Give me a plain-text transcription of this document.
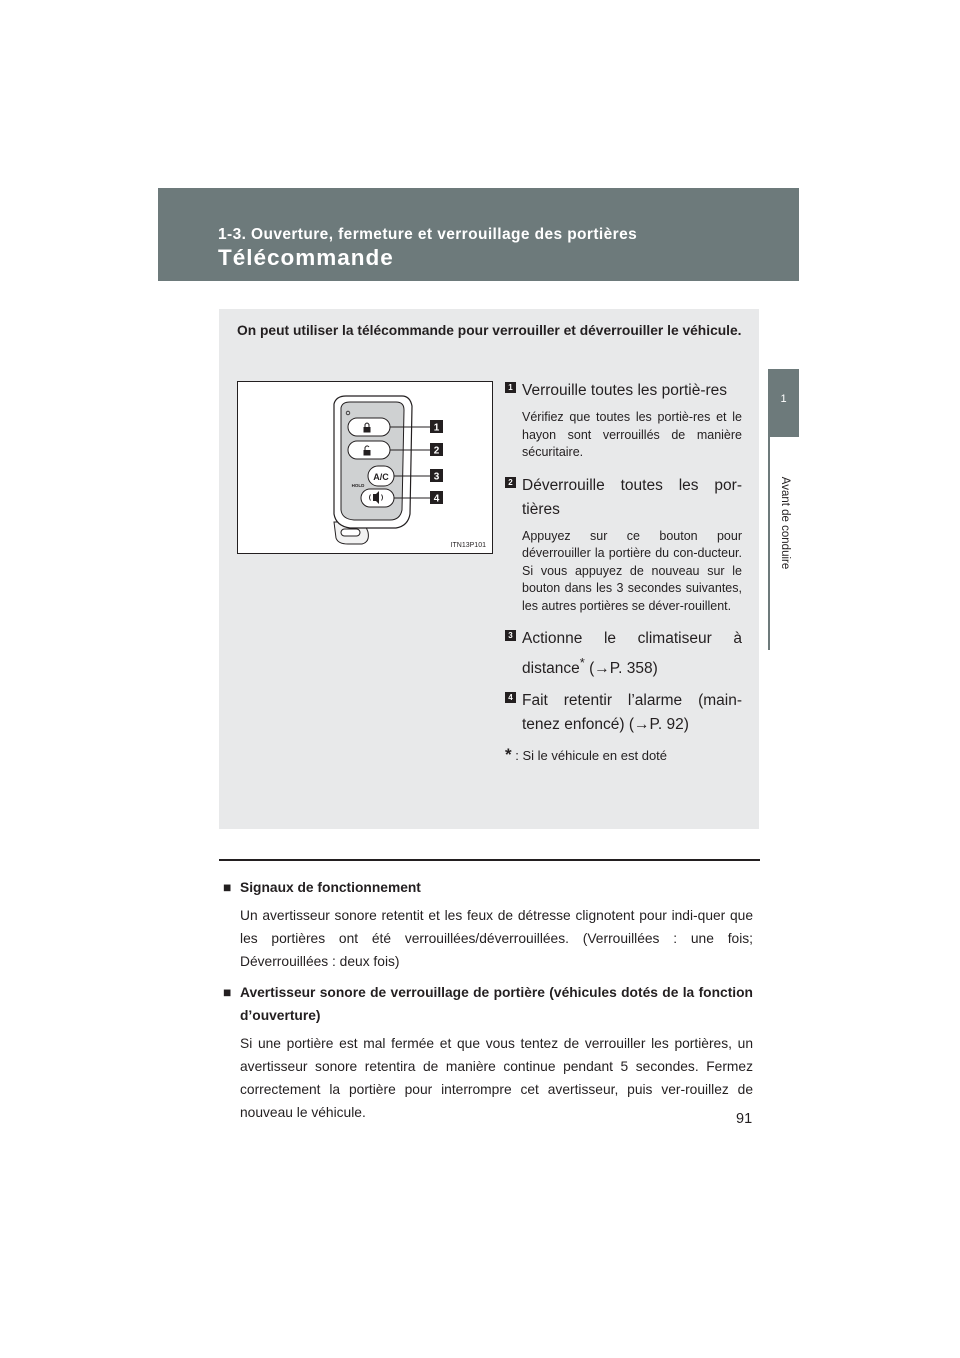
1-3. Ouverture, fermeture et verrouillage des portières
Télécommande
1
Avant de conduire
On peut utiliser la télécommande pour verrouiller et déverrouiller le véhicule.
A/C
HOLD
1
2
3
4
ITN13P101
1 Verrouille toutes les portiè-res
Vérifiez que toutes les portiè-res et le hayon sont verrouillés de manière sécuritaire.
2 Déverrouille toutes les por-tières
Appuyez sur ce bouton pour déverrouiller la portière du con-ducteur. Si vous appuyez de nouveau sur le bouton dans les 3 secondes suivantes, les autres portières se déver-rouillent.
3 Actionne le climatiseur à distance* (→P. 358)
4 Fait retentir l’alarme (main-tenez enfoncé) (→P. 92)
* : Si le véhicule en est doté
■ Signaux de fonctionnement
Un avertisseur sonore retentit et les feux de détresse clignotent pour indi-quer que les portières ont été verrouillées/déverrouillées. (Verrouillées : une fois; Déverrouillées : deux fois)
■ Avertisseur sonore de verrouillage de portière (véhicules dotés de la fonction d’ouverture)
Si une portière est mal fermée et que vous tentez de verrouiller les portières, un avertisseur sonore retentira de manière continue pendant 5 secondes. Fermez correctement la portière pour interrompre cet avertisseur, puis ver-rouillez de nouveau le véhicule.	91
